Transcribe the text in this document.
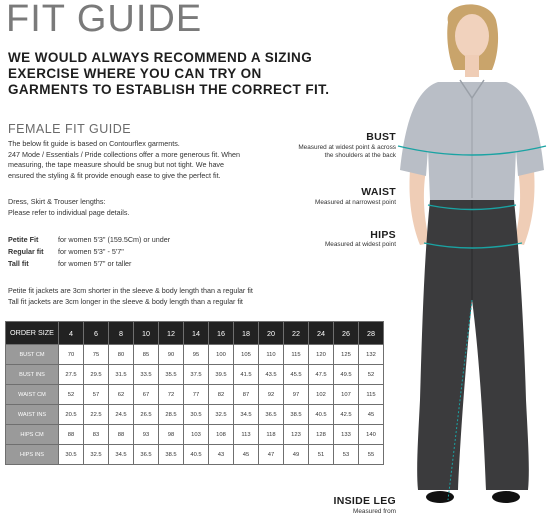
FIT GUIDE
WE WOULD ALWAYS RECOMMEND A SIZING EXERCISE WHERE YOU CAN TRY ON GARMENTS TO ESTABLISH THE CORRECT FIT.
FEMALE FIT GUIDE
The below fit guide is based on Contourflex garments.
247 Mode / Essentials / Pride collections offer a more generous fit. When
measuring, the tape measure should be snug but not tight. We have
ensured the styling & fit provide enough ease to give the perfect fit.
Dress, Skirt & Trouser lengths:
Please refer to individual page details.
Petite Fit	for women 5'3" (159.5Cm) or under
Regular fit for women 5'3" - 5'7"
Tall fit	for women 5'7" or taller
Petite fit jackets are 3cm shorter in the sleeve & body length than a regular fit
Tall fit jackets are 3cm longer in the sleeve & body length than a regular fit
ORDER SIZE	4	6	8	10	12	14	16	18	20	22	24	26	28
BUST CM	70	75	80	85	90	95	100	105	110	115	120	125	132
BUST INS	27.5	29.5	31.5	33.5	35.5	37.5	39.5	41.5	43.5	45.5	47.5	49.5	52
WAIST CM	52	57	62	67	72	77	82	87	92	97	102	107	115
WAIST INS	20.5	22.5	24.5	26.5	28.5	30.5	32.5	34.5	36.5	38.5	40.5	42.5	45
HIPS CM	88	83	88	93	98	103	108	113	118	123	128	133	140
HIPS INS	30.5	32.5	34.5	36.5	38.5	40.5	43	45	47	49	51	53	55
BUST
Measured at widest point & across
the shoulders at the back
WAIST
Measured at narrowest point
HIPS
Measured at widest point
INSIDE LEG
Measured from
